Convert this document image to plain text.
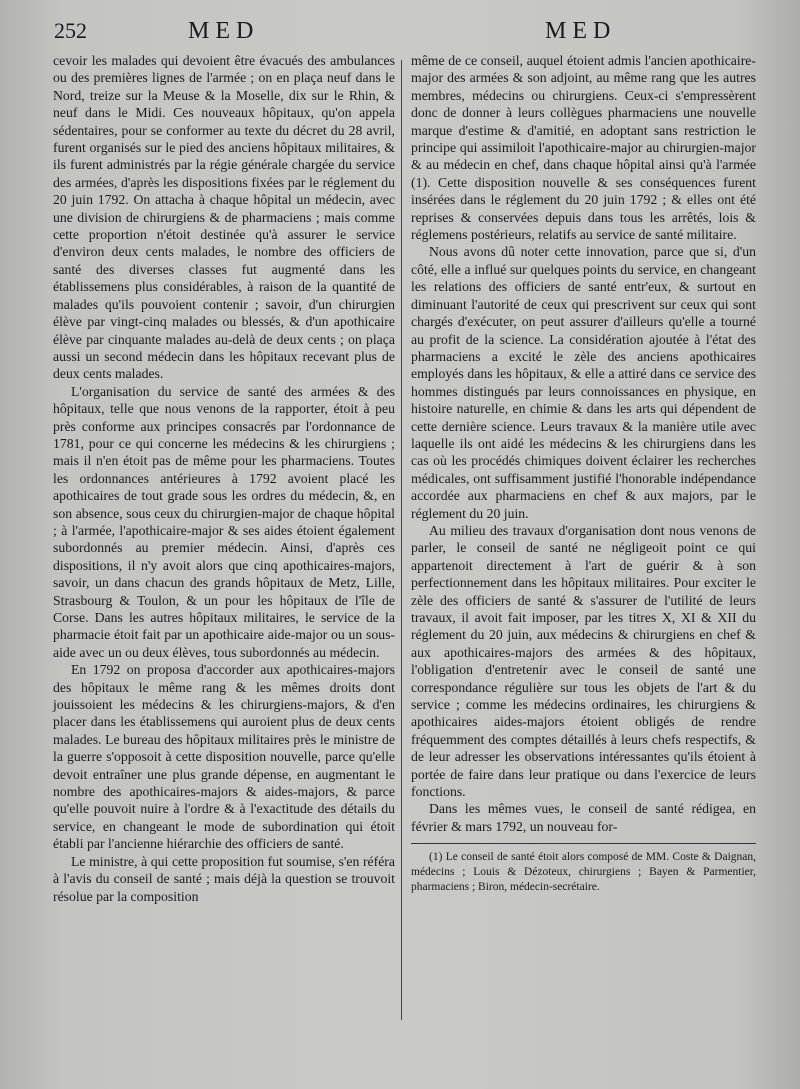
252	MED	MED

cevoir les malades qui devoient être évacués des ambulances ou des premières lignes de l'armée ; on en plaça neuf dans le Nord, treize sur la Meuse & la Moselle, dix sur le Rhin, & neuf dans le Midi. Ces nouveaux hôpitaux, qu'on appela sédentaires, pour se conformer au texte du décret du 28 avril, furent organisés sur le pied des anciens hôpitaux militaires, & ils furent administrés par la régie générale chargée du service des armées, d'après les dispositions fixées par le réglement du 20 juin 1792. On attacha à chaque hôpital un médecin, avec une division de chirurgiens & de pharmaciens ; mais comme cette proportion n'étoit destinée qu'à assurer le service d'environ deux cents malades, le nombre des officiers de santé des diverses classes fut augmenté dans les établissemens plus considérables, à raison de la quantité de malades qu'ils pouvoient contenir ; savoir, d'un chirurgien élève par vingt-cinq malades ou blessés, & d'un apothicaire élève par cinquante malades au-delà de deux cents ; on plaça aussi un second médecin dans les hôpitaux recevant plus de deux cents malades.

L'organisation du service de santé des armées & des hôpitaux, telle que nous venons de la rapporter, étoit à peu près conforme aux principes consacrés par l'ordonnance de 1781, pour ce qui concerne les médecins & les chirurgiens ; mais il n'en étoit pas de même pour les pharmaciens. Toutes les ordonnances antérieures à 1792 avoient placé les apothicaires de tout grade sous les ordres du médecin, &, en son absence, sous ceux du chirurgien-major de chaque hôpital ; à l'armée, l'apothicaire-major & ses aides étoient également subordonnés au premier médecin. Ainsi, d'après ces dispositions, il n'y avoit alors que cinq apothicaires-majors, savoir, un dans chacun des grands hôpitaux de Metz, Lille, Strasbourg & Toulon, & un pour les hôpitaux de l'île de Corse. Dans les autres hôpitaux militaires, le service de la pharmacie étoit fait par un apothicaire aide-major ou un sous-aide avec un ou deux élèves, tous subordonnés au médecin.

En 1792 on proposa d'accorder aux apothicaires-majors des hôpitaux le même rang & les mêmes droits dont jouissoient les médecins & les chirurgiens-majors, & d'en placer dans les établissemens qui auroient plus de deux cents malades. Le bureau des hôpitaux militaires près le ministre de la guerre s'opposoit à cette disposition nouvelle, parce qu'elle devoit entraîner une plus grande dépense, en augmentant le nombre des apothicaires-majors & aides-majors, & parce qu'elle pouvoit nuire à l'ordre & à l'exactitude des détails du service, en changeant le mode de subordination qui étoit établi par l'ancienne hiérarchie des officiers de santé.

Le ministre, à qui cette proposition fut soumise, s'en référa à l'avis du conseil de santé ; mais déjà la question se trouvoit résolue par la composition

même de ce conseil, auquel étoient admis l'ancien apothicaire-major des armées & son adjoint, au même rang que les autres membres, médecins ou chirurgiens. Ceux-ci s'empressèrent donc de donner à leurs collègues pharmaciens une nouvelle marque d'estime & d'amitié, en adoptant sans restriction le principe qui assimiloit l'apothicaire-major au chirurgien-major & au médecin en chef, dans chaque hôpital ainsi qu'à l'armée (1). Cette disposition nouvelle & ses conséquences furent insérées dans le réglement du 20 juin 1792 ; & elles ont été reprises & conservées depuis dans tous les arrêtés, lois & réglemens postérieurs, relatifs au service de santé militaire.

Nous avons dû noter cette innovation, parce que si, d'un côté, elle a influé sur quelques points du service, en changeant les relations des officiers de santé entr'eux, & surtout en diminuant l'autorité de ceux qui prescrivent sur ceux qui sont chargés d'exécuter, on peut assurer d'ailleurs qu'elle a tourné au profit de la science. La considération ajoutée à l'état des pharmaciens a excité le zèle des anciens apothicaires employés dans les hôpitaux, & elle a attiré dans ce service des hommes distingués par leurs connoissances en physique, en histoire naturelle, en chimie & dans les arts qui dépendent de cette dernière science. Leurs travaux & la manière utile avec laquelle ils ont aidé les médecins & les chirurgiens dans les cas où les procédés chimiques doivent éclairer les recherches médicales, ont suffisamment justifié l'honorable indépendance accordée aux pharmaciens en chef & aux majors, par le réglement du 20 juin.

Au milieu des travaux d'organisation dont nous venons de parler, le conseil de santé ne négligeoit point ce qui appartenoit directement à l'art de guérir & à son perfectionnement dans les hôpitaux militaires. Pour exciter le zèle des officiers de santé & s'assurer de l'utilité de leurs travaux, il avoit fait imposer, par les titres X, XI & XII du réglement du 20 juin, aux médecins & chirurgiens en chef & aux apothicaires-majors des armées & des hôpitaux, l'obligation d'entretenir avec le conseil de santé une correspondance régulière sur tous les objets de l'art & du service ; comme les médecins ordinaires, les chirurgiens & apothicaires aides-majors étoient obligés de rendre fréquemment des comptes détaillés à leurs chefs respectifs, & de leur adresser les observations intéressantes qu'ils étoient à portée de faire dans leur pratique ou dans l'exercice de leurs fonctions.

Dans les mêmes vues, le conseil de santé rédigea, en février & mars 1792, un nouveau for-

(1) Le conseil de santé étoit alors composé de MM. Coste & Daignan, médecins ; Louis & Dézoteux, chirurgiens ; Bayen & Parmentier, pharmaciens ; Biron, médecin-secrétaire.
